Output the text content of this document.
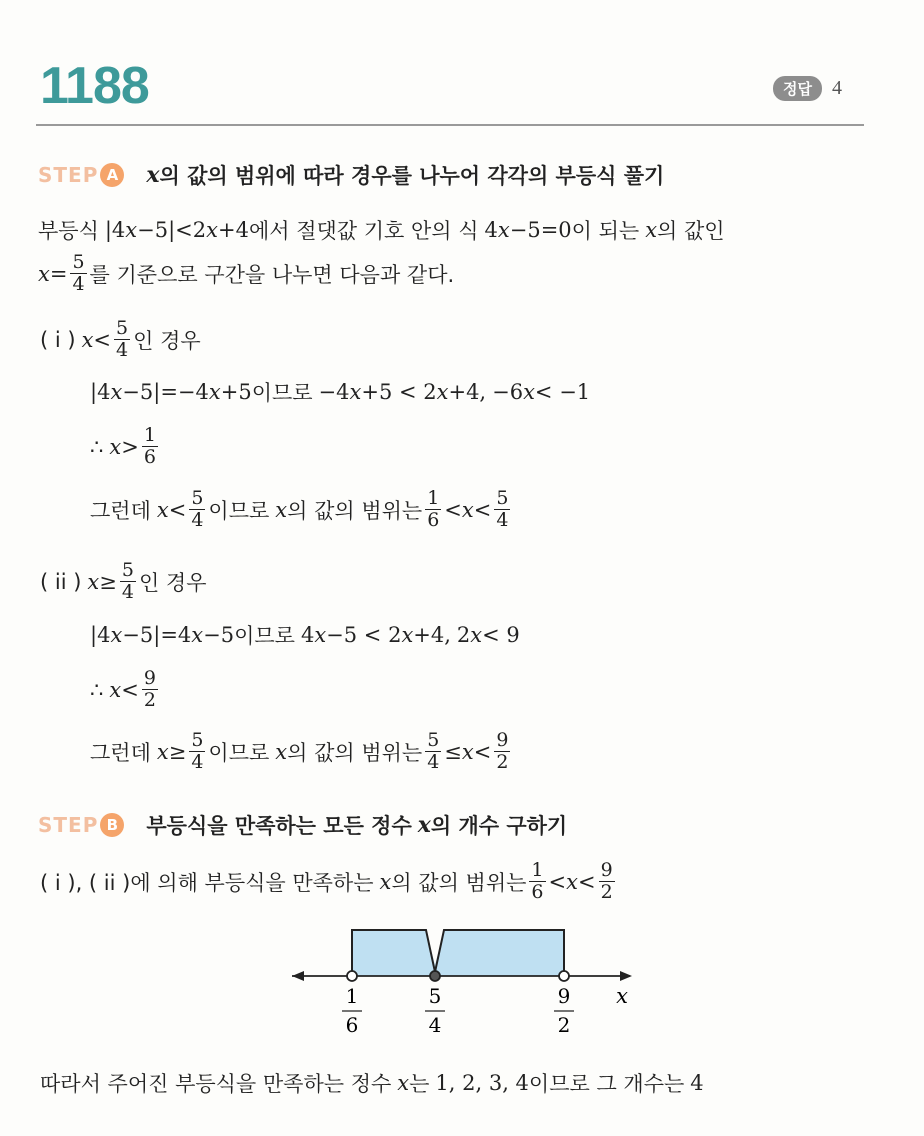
1188	정답	4
STEP A x 의 값의 범위에 따라 경우를 나누어 각각의 부등식 풀기
부등식 |4 x −5|<2 x +4 에서 절댓값 기호 안의 식 4 x −5=0 이 되는 x 의 값인
$x = \frac{5}{4}$ 를 기준으로 구간을 나누면 다음과 같다.
( i ) $x < \frac{5}{4}$ 인 경우
|4 x −5|=−4 x +5 이므로 −4 x +5 < 2 x +4, −6 x < −1
∴ $x > \frac{1}{6}$
그런데 $x < \frac{5}{4}$ 이므로 x 의 값의 범위는 $\frac{1}{6} < x < \frac{5}{4}$
( ii ) $x \ge \frac{5}{4}$ 인 경우
|4 x −5|=4 x −5 이므로 4 x −5 < 2 x +4, 2 x < 9
∴ $x < \frac{9}{2}$
그런데 $x \ge \frac{5}{4}$ 이므로 x 의 값의 범위는 $\frac{5}{4} \le x < \frac{9}{2}$
STEP B 부등식을 만족하는 모든 정수 x 의 개수 구하기
( i ), ( ii )에 의해 부등식을 만족하는 x 의 값의 범위는 $\frac{1}{6} < x < \frac{9}{2}$
1
6
5
4
9
2
x
따라서 주어진 부등식을 만족하는 정수 x 는 1, 2, 3, 4 이므로 그 개수는 4
